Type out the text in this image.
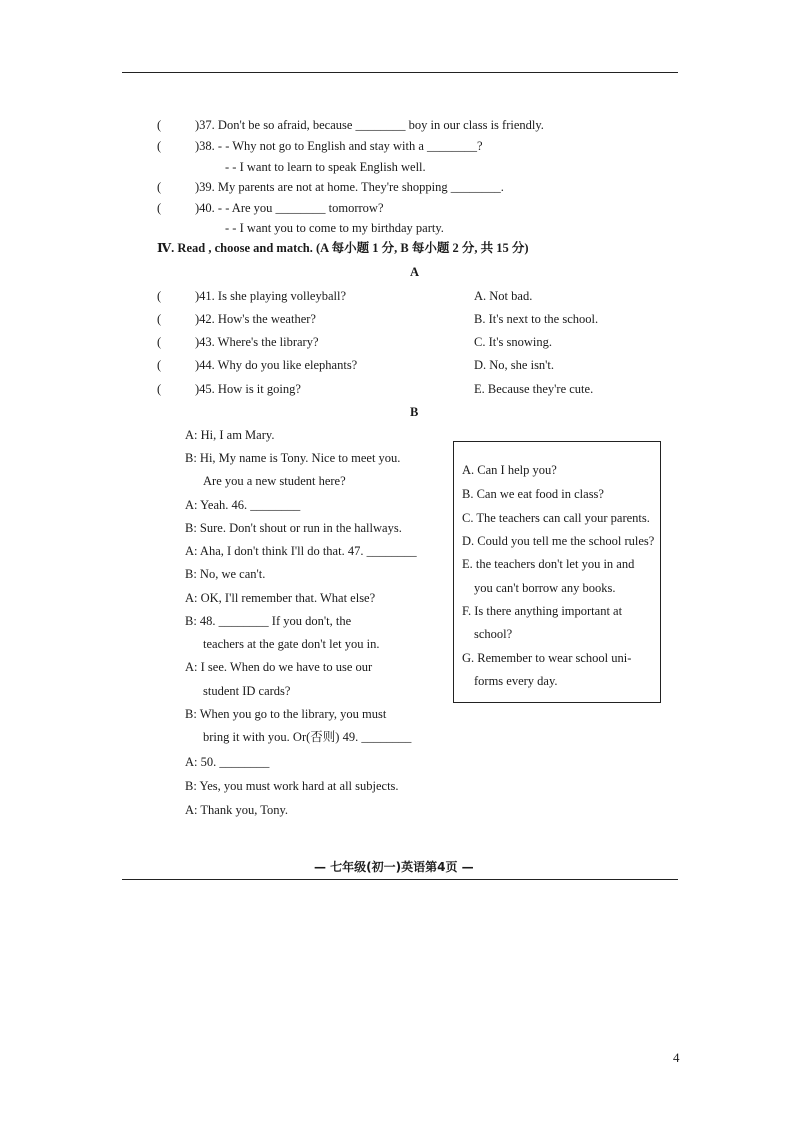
(	)37. Don't be so afraid, because ________ boy in our class is friendly.
(	)38. - - Why not go to English and stay with a ________?
- - I want to learn to speak English well.
(	)39. My parents are not at home. They're shopping ________.
(	)40. - - Are you ________ tomorrow?
- - I want you to come to my birthday party.
Ⅳ. Read , choose and match. (A 每小题 1 分, B 每小题 2 分, 共 15 分)
A
(	)41. Is she playing volleyball?	A. Not bad.
(	)42. How's the weather?	B. It's next to the school.
(	)43. Where's the library?	C. It's snowing.
(	)44. Why do you like elephants?	D. No, she isn't.
(	)45. How is it going?	E. Because they're cute.
B
A: Hi, I am Mary.
B: Hi, My name is Tony. Nice to meet you.
Are you a new student here?
A: Yeah. 46. ________
B: Sure. Don't shout or run in the hallways.
A: Aha, I don't think I'll do that. 47. ________
B: No, we can't.
A: OK, I'll remember that. What else?
B: 48. ________ If you don't, the
teachers at the gate don't let you in.
A: I see. When do we have to use our
student ID cards?
B: When you go to the library, you must
bring it with you. Or(否则) 49. ________
A: 50. ________
B: Yes, you must work hard at all subjects.
A: Thank you, Tony.
A. Can I help you?
B. Can we eat food in class?
C. The teachers can call your parents.
D. Could you tell me the school rules?
E. the teachers don't let you in and
you can't borrow any books.
F. Is there anything important at
school?
G. Remember to wear school uni-
forms every day.
— 七年级(初一)英语第4页 —
4
